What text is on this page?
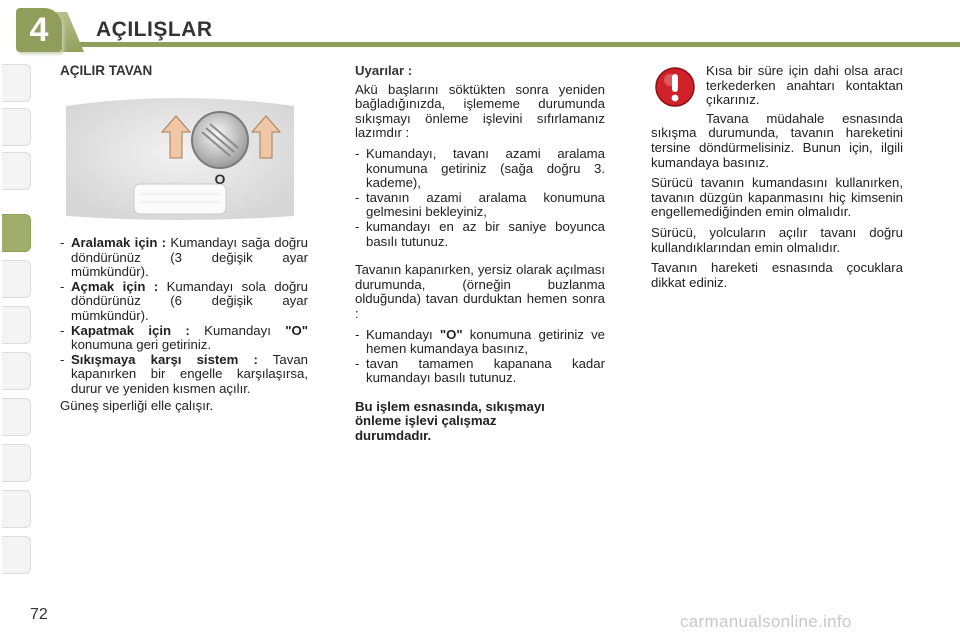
4	AÇILIŞLAR

AÇILIR TAVAN

O
- Aralamak için : Kumandayı sağa doğru döndürünüz (3 değişik ayar mümkündür).
- Açmak için : Kumandayı sola doğru döndürünüz (6 değişik ayar mümkündür).
- Kapatmak için : Kumandayı "O" konumuna geri getiriniz.
- Sıkışmaya karşı sistem : Tavan kapanırken bir engelle karşılaşırsa, durur ve yeniden kısmen açılır.

Güneş siperliği elle çalışır.

Uyarılar :

Akü başlarını söktükten sonra yeniden bağladığınızda, işlememe durumunda sıkışmayı önleme işlevini sıfırlamanız lazımdır :

- Kumandayı, tavanı azami aralama konumuna getiriniz (sağa doğru 3. kademe),
- tavanın azami aralama konumuna gelmesini bekleyiniz,
- kumandayı en az bir saniye boyunca basılı tutunuz.

Tavanın kapanırken, yersiz olarak açılması durumunda, (örneğin buzlanma olduğunda) tavan durduktan hemen sonra :

- Kumandayı "O" konumuna getiriniz ve hemen kumandaya basınız,
- tavan tamamen kapanana kadar kumandayı basılı tutunuz.

Bu işlem esnasında, sıkışmayı önleme işlevi çalışmaz durumdadır.

Kısa bir süre için dahi olsa aracı terkederken anahtarı kontaktan çıkarınız.

Tavana müdahale esnasında sıkışma durumunda, tavanın hareketini tersine döndürmelisiniz. Bunun için, ilgili kumandaya basınız.

Sürücü tavanın kumandasını kullanırken, tavanın düzgün kapanmasını hiç kimsenin engellemediğinden emin olmalıdır.

Sürücü, yolcuların açılır tavanı doğru kullandıklarından emin olmalıdır.

Tavanın hareketi esnasında çocuklara dikkat ediniz.

72	carmanualsonline.info
